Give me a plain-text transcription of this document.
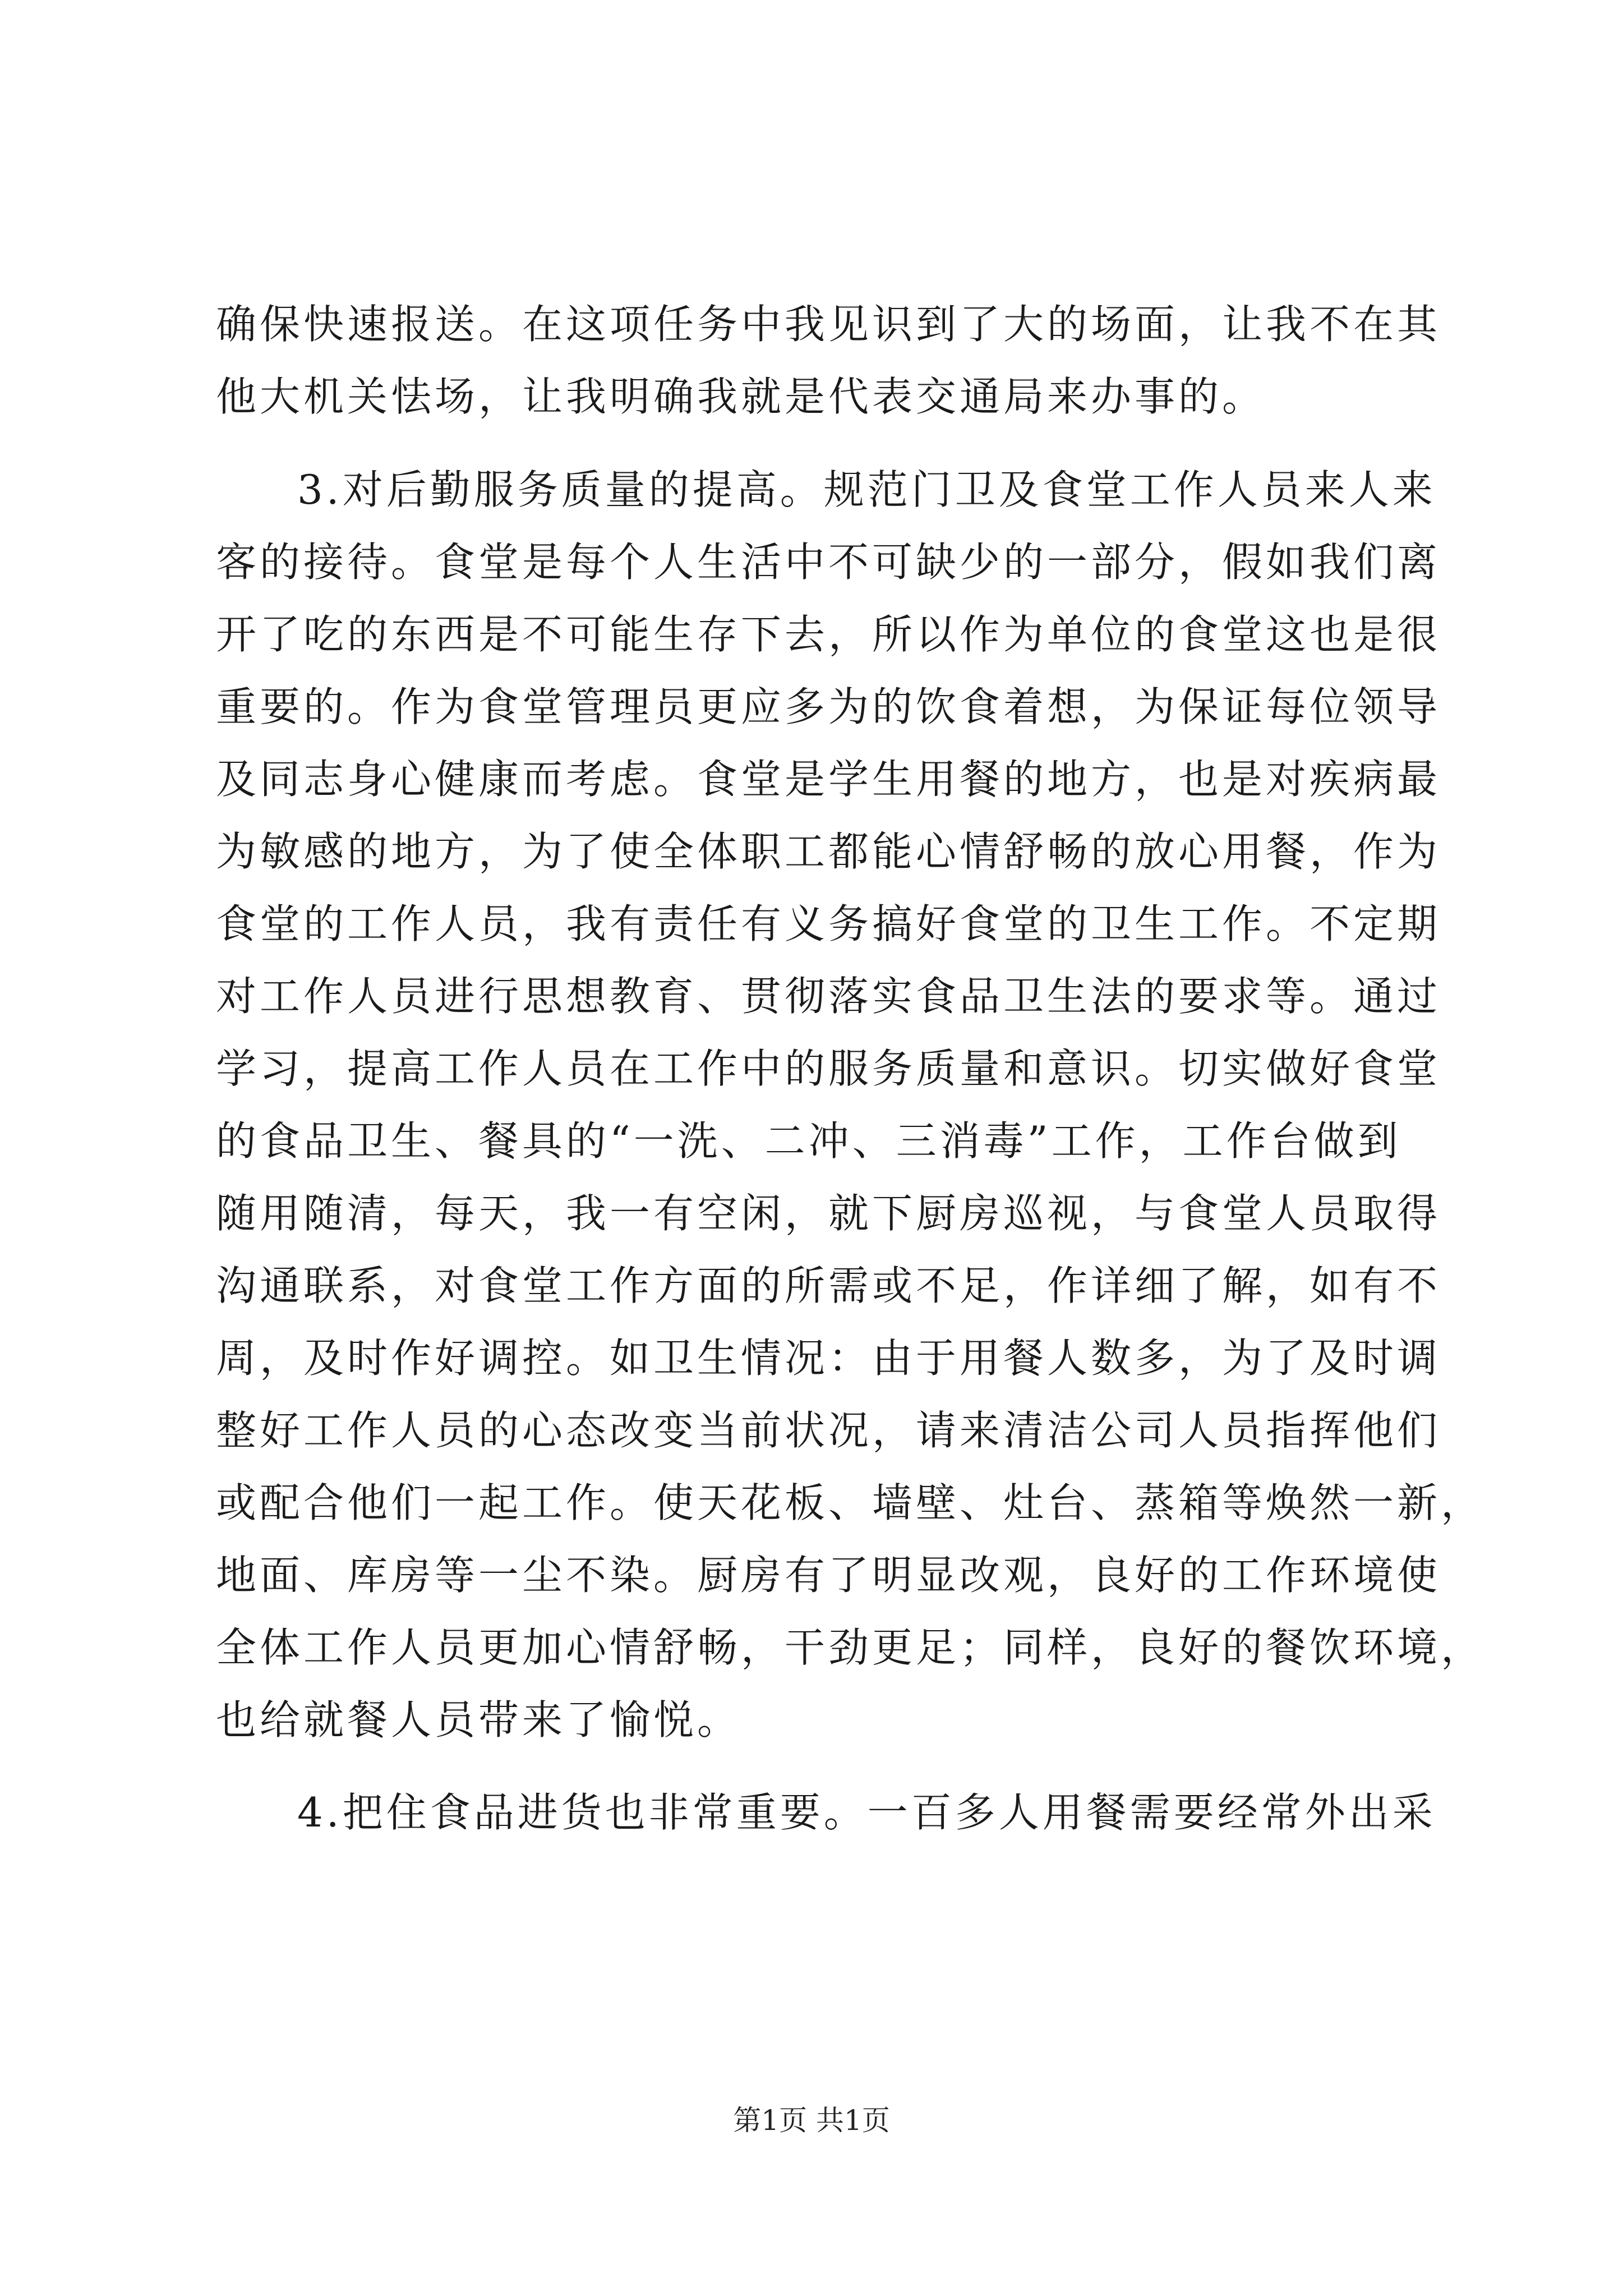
确保快速报送。在这项任务中我见识到了大的场面，让我不在其
他大机关怯场，让我明确我就是代表交通局来办事的。
3.对后勤服务质量的提高。规范门卫及食堂工作人员来人来
客的接待。食堂是每个人生活中不可缺少的一部分，假如我们离
开了吃的东西是不可能生存下去，所以作为单位的食堂这也是很
重要的。作为食堂管理员更应多为的饮食着想，为保证每位领导
及同志身心健康而考虑。食堂是学生用餐的地方，也是对疾病最
为敏感的地方，为了使全体职工都能心情舒畅的放心用餐，作为
食堂的工作人员，我有责任有义务搞好食堂的卫生工作。不定期
对工作人员进行思想教育、贯彻落实食品卫生法的要求等。通过
学习，提高工作人员在工作中的服务质量和意识。切实做好食堂
的食品卫生、餐具的“一洗、二冲、三消毒”工作，工作台做到
随用随清，每天，我一有空闲，就下厨房巡视，与食堂人员取得
沟通联系，对食堂工作方面的所需或不足，作详细了解，如有不
周，及时作好调控。如卫生情况：由于用餐人数多，为了及时调
整好工作人员的心态改变当前状况，请来清洁公司人员指挥他们
或配合他们一起工作。使天花板、墙壁、灶台、蒸箱等焕然一新，
地面、库房等一尘不染。厨房有了明显改观，良好的工作环境使
全体工作人员更加心情舒畅，干劲更足；同样，良好的餐饮环境，
也给就餐人员带来了愉悦。
4.把住食品进货也非常重要。一百多人用餐需要经常外出采
第1页 共1页
